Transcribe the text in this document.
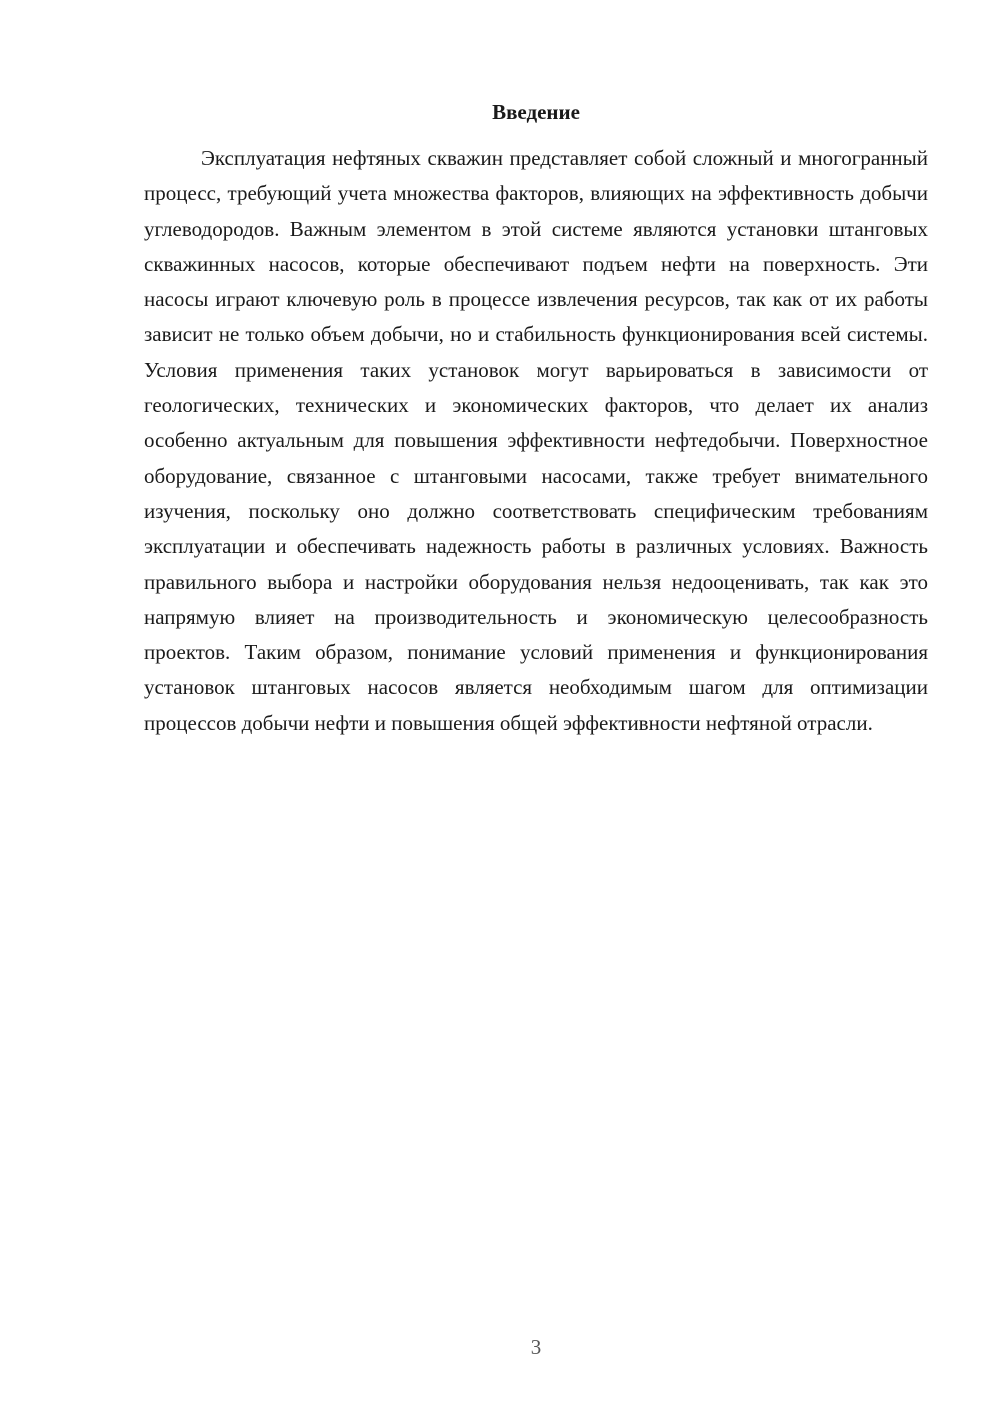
Введение

Эксплуатация нефтяных скважин представляет собой сложный и многогранный процесс, требующий учета множества факторов, влияющих на эффективность добычи углеводородов. Важным элементом в этой системе являются установки штанговых скважинных насосов, которые обеспечивают подъем нефти на поверхность. Эти насосы играют ключевую роль в процессе извлечения ресурсов, так как от их работы зависит не только объем добычи, но и стабильность функционирования всей системы. Условия применения таких установок могут варьироваться в зависимости от геологических, технических и экономических факторов, что делает их анализ особенно актуальным для повышения эффективности нефтедобычи. Поверхностное оборудование, связанное с штанговыми насосами, также требует внимательного изучения, поскольку оно должно соответствовать специфическим требованиям эксплуатации и обеспечивать надежность работы в различных условиях. Важность правильного выбора и настройки оборудования нельзя недооценивать, так как это напрямую влияет на производительность и экономическую целесообразность проектов. Таким образом, понимание условий применения и функционирования установок штанговых насосов является необходимым шагом для оптимизации процессов добычи нефти и повышения общей эффективности нефтяной отрасли.

3
